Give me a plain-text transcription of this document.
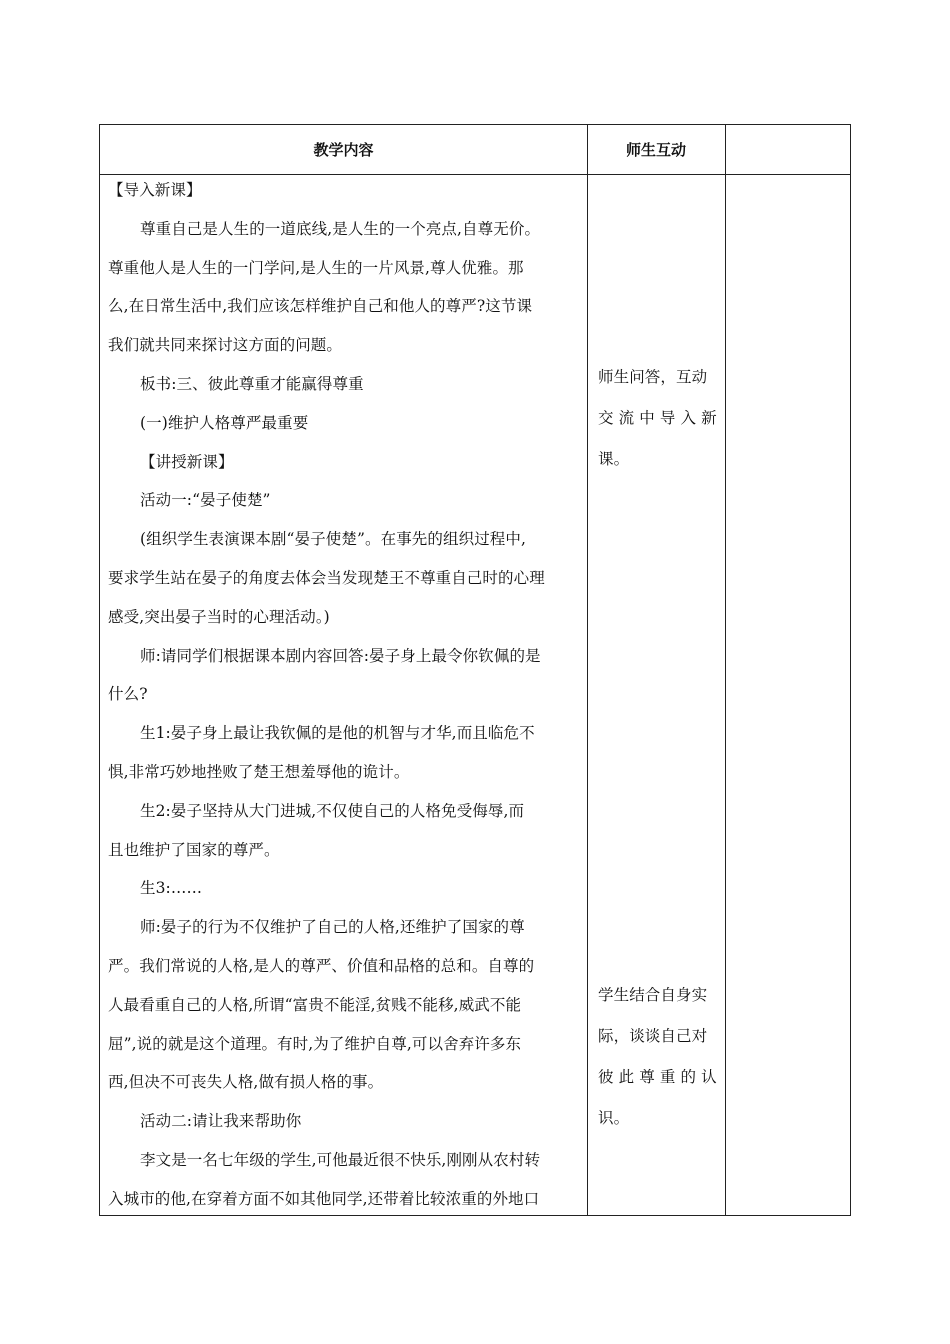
教学内容	师生互动
【导入新课】
尊重自己是人生的一道底线,是人生的一个亮点,自尊无价。
尊重他人是人生的一门学问,是人生的一片风景,尊人优雅。那
么,在日常生活中,我们应该怎样维护自己和他人的尊严?这节课
我们就共同来探讨这方面的问题。
板书:三、彼此尊重才能赢得尊重
(一)维护人格尊严最重要
【讲授新课】
活动一:“晏子使楚”
(组织学生表演课本剧“晏子使楚”。在事先的组织过程中,
要求学生站在晏子的角度去体会当发现楚王不尊重自己时的心理
感受,突出晏子当时的心理活动。)
师:请同学们根据课本剧内容回答:晏子身上最令你钦佩的是
什么?
生1:晏子身上最让我钦佩的是他的机智与才华,而且临危不
惧,非常巧妙地挫败了楚王想羞辱他的诡计。
生2:晏子坚持从大门进城,不仅使自己的人格免受侮辱,而
且也维护了国家的尊严。
生3:……
师:晏子的行为不仅维护了自己的人格,还维护了国家的尊
严。我们常说的人格,是人的尊严、价值和品格的总和。自尊的
人最看重自己的人格,所谓“富贵不能淫,贫贱不能移,威武不能
屈”,说的就是这个道理。有时,为了维护自尊,可以舍弃许多东
西,但决不可丧失人格,做有损人格的事。
活动二:请让我来帮助你
李文是一名七年级的学生,可他最近很不快乐,刚刚从农村转
入城市的他,在穿着方面不如其他同学,还带着比较浓重的外地口
师生问答，互动
交 流 中 导 入 新
课。
学生结合自身实
际，谈谈自己对
彼 此 尊 重 的 认
识。
